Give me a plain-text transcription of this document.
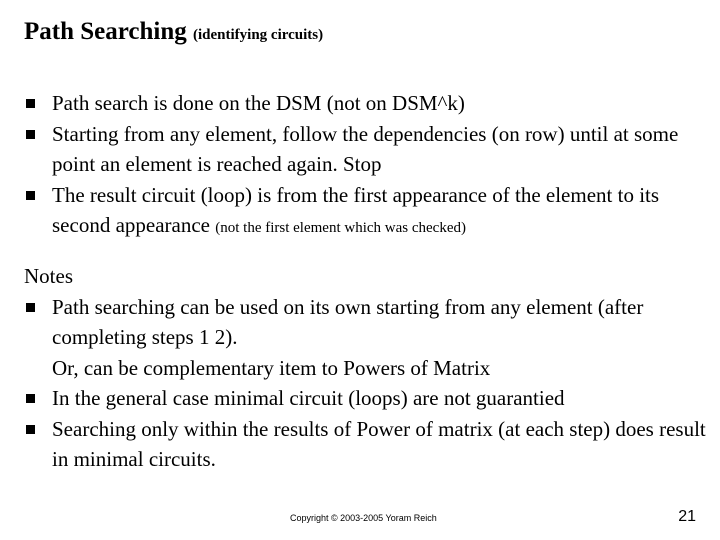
Path Searching (identifying circuits)
Path search is done on the DSM (not on DSM^k)
Starting from any element, follow the dependencies (on row) until at some point an element is reached again. Stop
The result circuit (loop) is from the first appearance of the element to its second appearance (not the first element which was checked)
Notes
Path searching can be used on its own starting from any element (after completing steps 1 2).
Or, can be complementary item to Powers of Matrix
In the general case minimal circuit (loops) are not guarantied
Searching only within the results of Power of matrix (at each step) does result in minimal circuits.
Copyright © 2003-2005 Yoram Reich	21
